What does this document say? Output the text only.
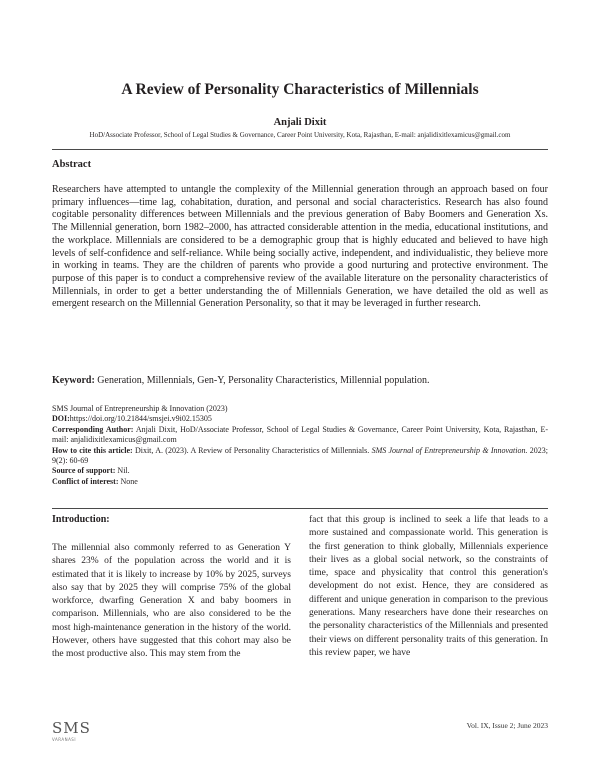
A Review of Personality Characteristics of Millennials
Anjali Dixit
HoD/Associate Professor, School of Legal Studies & Governance, Career Point University, Kota, Rajasthan, E-mail: anjalidixitlexamicus@gmail.com
Abstract
Researchers have attempted to untangle the complexity of the Millennial generation through an approach based on four primary influences—time lag, cohabitation, duration, and personal and social characteristics. Research has also found cogitable personality differences between Millennials and the previous generation of Baby Boomers and Generation Xs. The Millennial generation, born 1982–2000, has attracted considerable attention in the media, educational institutions, and the workplace. Millennials are considered to be a demographic group that is highly educated and believed to have high levels of self-confidence and self-reliance. While being socially active, independent, and individualistic, they believe more in working in teams. They are the children of parents who provide a good nurturing and protective environment. The purpose of this paper is to conduct a comprehensive review of the available literature on the personality characteristics of Millennials, in order to get a better understanding the of Millennials Generation, we have detailed the old as well as emergent research on the Millennial Generation Personality, so that it may be leveraged in further research.
Keyword: Generation, Millennials, Gen-Y, Personality Characteristics, Millennial population.
SMS Journal of Entrepreneurship & Innovation (2023)
DOI:https://doi.org/10.21844/smsjei.v9i02.15305
Corresponding Author: Anjali Dixit, HoD/Associate Professor, School of Legal Studies & Governance, Career Point University, Kota, Rajasthan, E-mail: anjalidixitlexamicus@gmail.com
How to cite this article: Dixit, A. (2023). A Review of Personality Characteristics of Millennials. SMS Journal of Entrepreneurship & Innovation. 2023; 9(2): 60-69
Source of support: Nil.
Conflict of interest: None
Introduction:
The millennial also commonly referred to as Generation Y shares 23% of the population across the world and it is estimated that it is likely to increase by 10% by 2025, surveys also say that by 2025 they will comprise 75% of the global workforce, dwarfing Generation X and baby boomers in comparison. Millennials, who are also considered to be the most high-maintenance generation in the history of the world. However, others have suggested that this cohort may also be the most productive also. This may stem from the
fact that this group is inclined to seek a life that leads to a more sustained and compassionate world. This generation is the first generation to think globally, Millennials experience their lives as a global social network, so the constraints of time, space and physicality that control this generation's development do not exist. Hence, they are considered as different and unique generation in comparison to the previous generations. Many researchers have done their researches on the personality characteristics of the Millennials and presented their views on different personality traits of this generation. In this review paper, we have
SMS
VARANASI
Vol. IX, Issue 2; June 2023
